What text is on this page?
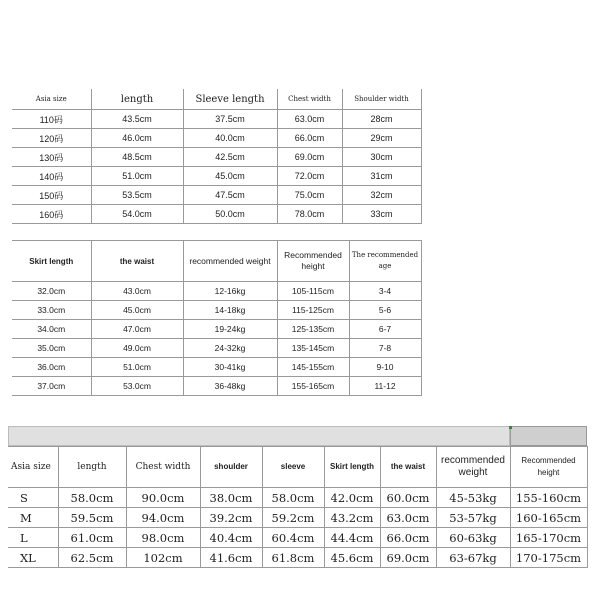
Asia size	length	Sleeve length	Chest width	Shoulder width
110码	43.5cm	37.5cm	63.0cm	28cm
120码	46.0cm	40.0cm	66.0cm	29cm
130码	48.5cm	42.5cm	69.0cm	30cm
140码	51.0cm	45.0cm	72.0cm	31cm
150码	53.5cm	47.5cm	75.0cm	32cm
160码	54.0cm	50.0cm	78.0cm	33cm
Skirt length	the waist	recommended weight	Recommended height	The recommended age
32.0cm	43.0cm	12-16kg	105-115cm	3-4
33.0cm	45.0cm	14-18kg	115-125cm	5-6
34.0cm	47.0cm	19-24kg	125-135cm	6-7
35.0cm	49.0cm	24-32kg	135-145cm	7-8
36.0cm	51.0cm	30-41kg	145-155cm	9-10
37.0cm	53.0cm	36-48kg	155-165cm	11-12
Asia size	length	Chest width	shoulder	sleeve	Skirt length	the waist	recommended weight	Recommended height
S	58.0cm	90.0cm	38.0cm	58.0cm	42.0cm	60.0cm	45-53kg	155-160cm
M	59.5cm	94.0cm	39.2cm	59.2cm	43.2cm	63.0cm	53-57kg	160-165cm
L	61.0cm	98.0cm	40.4cm	60.4cm	44.4cm	66.0cm	60-63kg	165-170cm
XL	62.5cm	102cm	41.6cm	61.8cm	45.6cm	69.0cm	63-67kg	170-175cm
